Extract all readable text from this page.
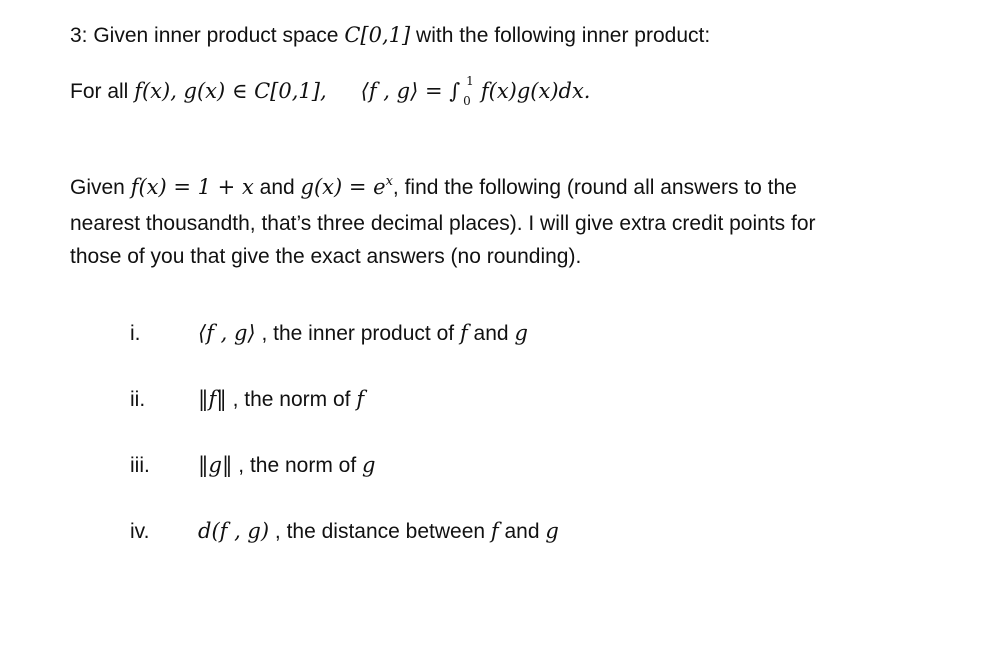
3: Given inner product space C[0,1] with the following inner product:
For all f(x), g(x) ∈ C[0,1], ⟨f , g⟩ = ∫ 1
0 f(x)g(x)dx.
Given f(x) = 1 + x and $g(x) = e^x$, find the following (round all answers to the
nearest thousandth, that’s three decimal places). I will give extra credit points for
those of you that give the exact answers (no rounding).
i.	⟨f , g⟩ , the inner product of f and g
ii.	‖f‖ , the norm of f
iii. ‖g‖ , the norm of g
iv. d(f , g) , the distance between f and g
